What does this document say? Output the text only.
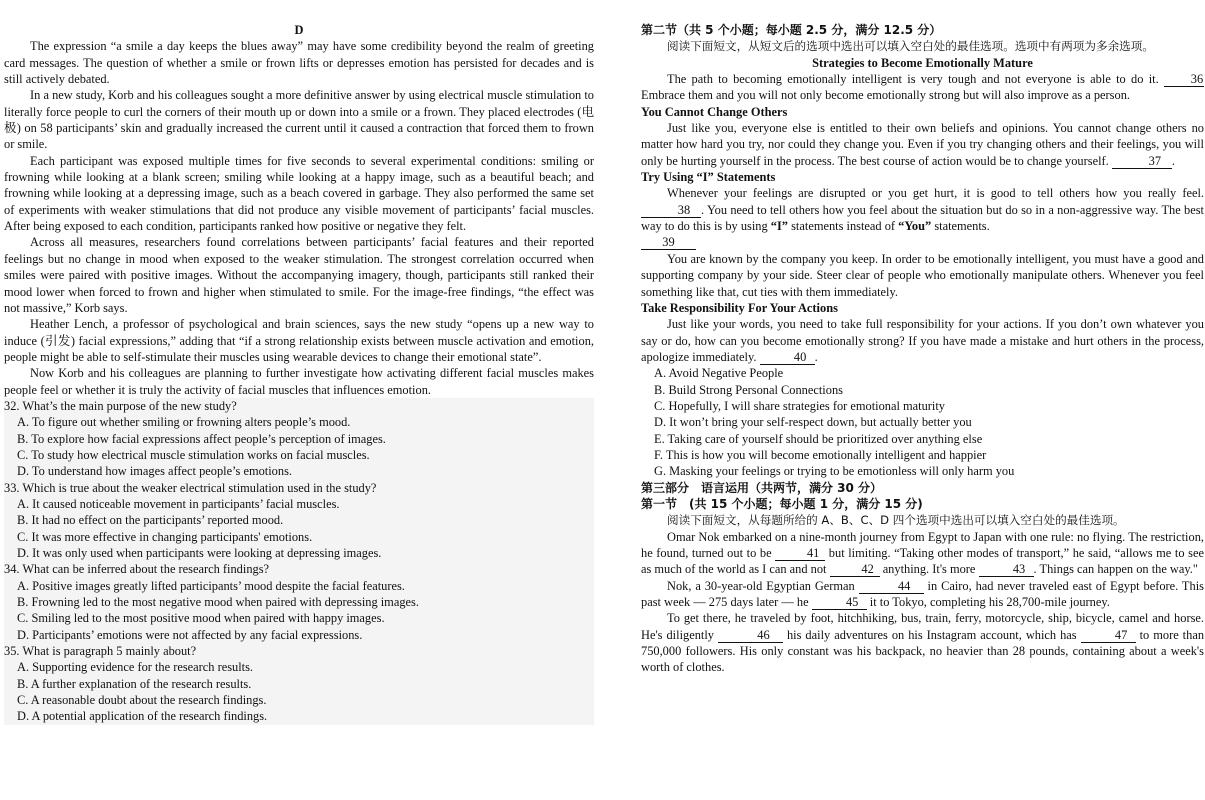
D

The expression “a smile a day keeps the blues away” may have some credibility beyond the realm of greeting card messages. The question of whether a smile or frown lifts or depresses emotion has persisted for decades and is still actively debated.

In a new study, Korb and his colleagues sought a more definitive answer by using electrical muscle stimulation to literally force people to curl the corners of their mouth up or down into a smile or a frown. They placed electrodes (电极) on 58 participants’ skin and gradually increased the current until it caused a contraction that forced them to frown or smile.

Each participant was exposed multiple times for five seconds to several experimental conditions: smiling or frowning while looking at a blank screen; smiling while looking at a happy image, such as a beautiful beach; and frowning while looking at a depressing image, such as a beach covered in garbage. They also performed the same set of experiments with weaker stimulations that did not produce any visible movement of participants’ facial muscles. After being exposed to each condition, participants ranked how positive or negative they felt.

Across all measures, researchers found correlations between participants’ facial features and their reported feelings but no change in mood when exposed to the weaker stimulation. The strongest correlation occurred when smiles were paired with positive images. Without the accompanying imagery, though, participants still ranked their mood lower when forced to frown and higher when stimulated to smile. For the image-free findings, “the effect was not massive,” Korb says.

Heather Lench, a professor of psychological and brain sciences, says the new study “opens up a new way to induce (引发) facial expressions,” adding that “if a strong relationship exists between muscle activation and emotion, people might be able to self-stimulate their muscles using wearable devices to change their emotional state”.

Now Korb and his colleagues are planning to further investigate how activating different facial muscles makes people feel or whether it is truly the activity of facial muscles that influences emotion.

32. What’s the main purpose of the new study?

A. To figure out whether smiling or frowning alters people’s mood.

B. To explore how facial expressions affect people’s perception of images.

C. To study how electrical muscle stimulation works on facial muscles.

D. To understand how images affect people’s emotions.

33. Which is true about the weaker electrical stimulation used in the study?

A. It caused noticeable movement in participants’ facial muscles.

B. It had no effect on the participants’ reported mood.

C. It was more effective in changing participants' emotions.

D. It was only used when participants were looking at depressing images.

34. What can be inferred about the research findings?

A. Positive images greatly lifted participants’ mood despite the facial features.

B. Frowning led to the most negative mood when paired with depressing images.

C. Smiling led to the most positive mood when paired with happy images.

D. Participants’ emotions were not affected by any facial expressions.

35. What is paragraph 5 mainly about?

A. Supporting evidence for the research results.

B. A further explanation of the research results.

C. A reasonable doubt about the research findings.

D. A potential application of the research findings.

第二节（共 5 个小题；每小题 2.5 分，满分 12.5 分）

阅读下面短文，从短文后的选项中选出可以填入空白处的最佳选项。选项中有两项为多余选项。

Strategies to Become Emotionally Mature

The path to becoming emotionally intelligent is very tough and not everyone is able to do it.	36 Embrace them and you will not only become emotionally strong but will also improve as a person.

You Cannot Change Others

Just like you, everyone else is entitled to their own beliefs and opinions. You cannot change others no matter how hard you try, nor could they change you. Even if you try changing others and their feelings, you will only be hurting yourself in the process. The best course of action would be to change yourself.	37 .

Try Using “I” Statements

Whenever your feelings are disrupted or you get hurt, it is good to tell others how you really feel. 38 . You need to tell others how you feel about the situation but do so in a non-aggressive way. The best way to do this is by using “I” statements instead of “You” statements.

39

You are known by the company you keep. In order to be emotionally intelligent, you must have a good and supporting company by your side. Steer clear of people who emotionally manipulate others. Whenever you feel something like that, cut ties with them immediately.

Take Responsibility For Your Actions

Just like your words, you need to take full responsibility for your actions. If you don’t own whatever you say or do, how can you become emotionally strong? If you have made a mistake and hurt others in the process, apologize immediately.	40 .

A. Avoid Negative People

B. Build Strong Personal Connections

C. Hopefully, I will share strategies for emotional maturity

D. It won’t bring your self-respect down, but actually better you

E. Taking care of yourself should be prioritized over anything else

F. This is how you will become emotionally intelligent and happier

G. Masking your feelings or trying to be emotionless will only harm you

第三部分　语言运用（共两节，满分 30 分）

第一节　(共 15 个小题；每小题 1 分，满分 15 分)

阅读下面短文，从每题所给的 A、B、C、D 四个选项中选出可以填入空白处的最佳选项。

Omar Nok embarked on a nine-month journey from Egypt to Japan with one rule: no flying. The restriction, he found, turned out to be	41 but limiting. “Taking other modes of transport,” he said, “allows me to see as much of the world as I can and not	42 anything. It's more	43 . Things can happen on the way."

Nok, a 30-year-old Egyptian German	44 in Cairo, had never traveled east of Egypt before. This past week — 275 days later — he	45 it to Tokyo, completing his 28,700-mile journey.

To get there, he traveled by foot, hitchhiking, bus, train, ferry, motorcycle, ship, bicycle, camel and horse. He's diligently	46 his daily adventures on his Instagram account, which has	47 to more than 750,000 followers. His only constant was his backpack, no heavier than 28 pounds, containing about a week's worth of clothes.
